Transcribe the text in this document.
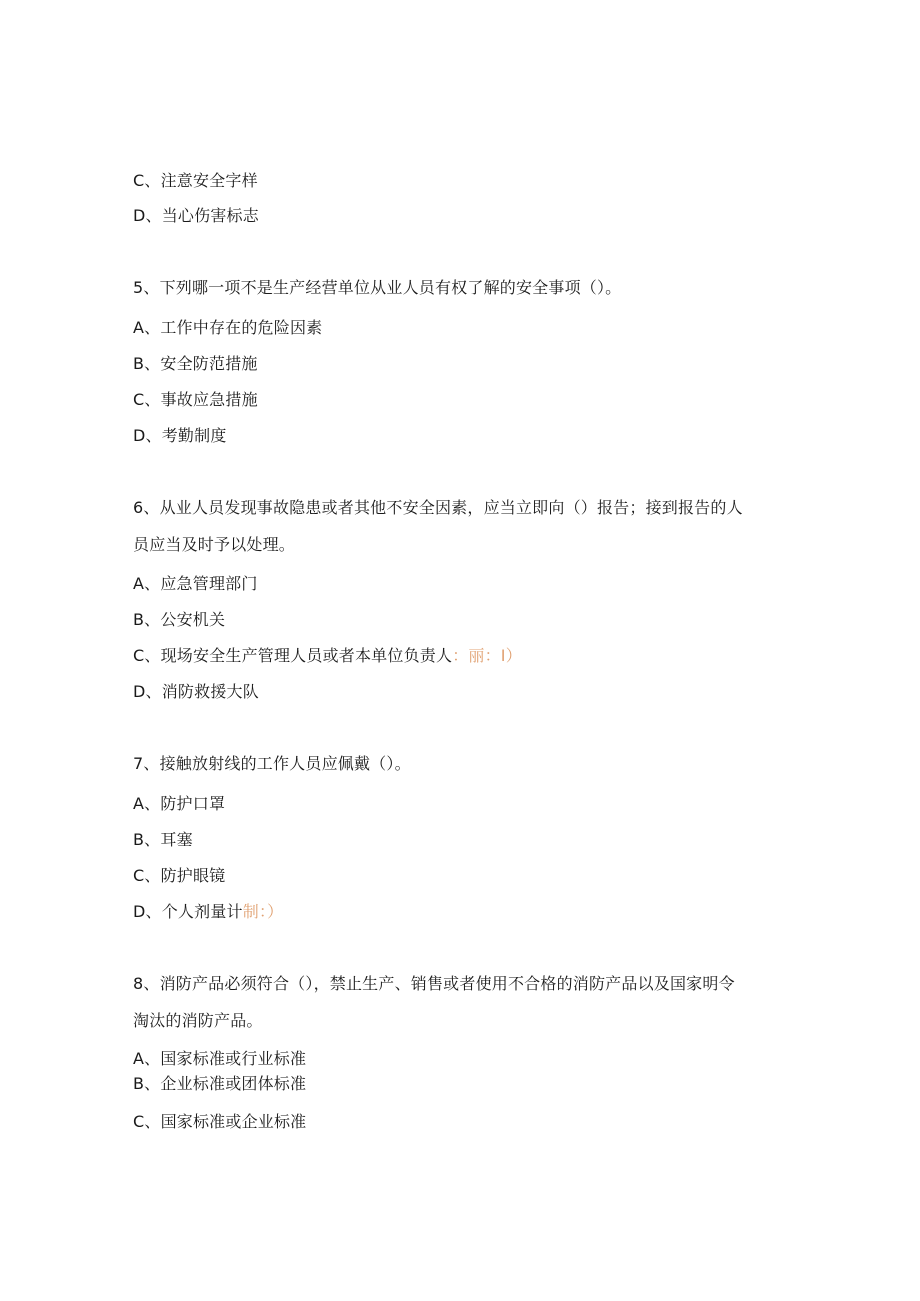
C、注意安全字样
D、当心伤害标志
5、下列哪一项不是生产经营单位从业人员有权了解的安全事项（）。
A、工作中存在的危险因素
B、安全防范措施
C、事故应急措施
D、考勤制度
6、从业人员发现事故隐患或者其他不安全因素，应当立即向（）报告；接到报告的人
员应当及时予以处理。
A、应急管理部门
B、公安机关
C、现场安全生产管理人员或者本单位负责人：丽：I）
D、消防救援大队
7、接触放射线的工作人员应佩戴（）。
A、防护口罩
B、耳塞
C、防护眼镜
D、个人剂量计制：）
8、消防产品必须符合（），禁止生产、销售或者使用不合格的消防产品以及国家明令
淘汰的消防产品。
A、国家标准或行业标准
B、企业标准或团体标准
C、国家标准或企业标准
